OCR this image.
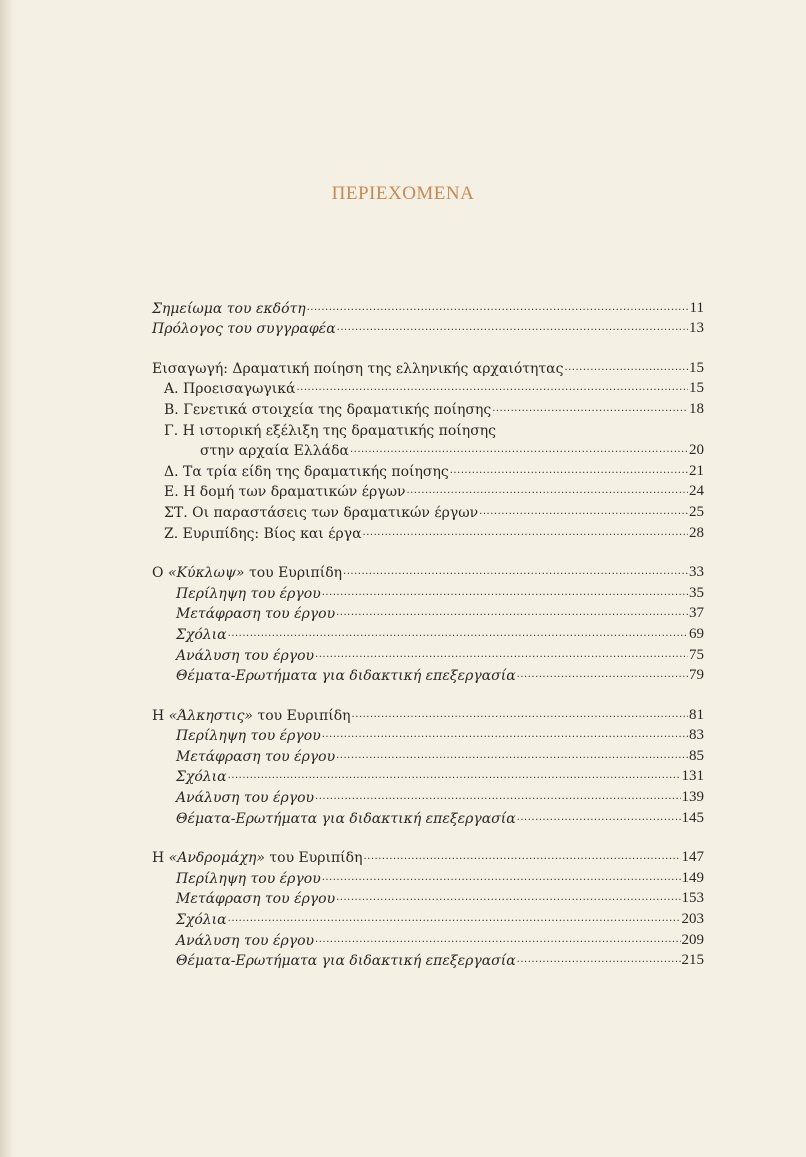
ΠΕΡΙΕΧΟΜΕΝΑ
Σημείωμα του εκδότη .....	11
Πρόλογος του συγγραφέα .....	13
Εισαγωγή: Δραματική ποίηση της ελληνικής αρχαιότητας .....	15
Α. Προεισαγωγικά .....	15
Β. Γενετικά στοιχεία της δραματικής ποίησης .....	18
Γ. Η ιστορική εξέλιξη της δραματικής ποίησης
στην αρχαία Ελλάδα .....	20
Δ. Τα τρία είδη της δραματικής ποίησης .....	21
Ε. Η δομή των δραματικών έργων .....	24
ΣΤ. Οι παραστάσεις των δραματικών έργων .....	25
Ζ. Ευριπίδης: Βίος και έργα .....	28
Ο «Κύκλωψ» του Ευριπίδη .....	33
Περίληψη του έργου .....	35
Μετάφραση του έργου .....	37
Σχόλια .....	69
Ανάλυση του έργου .....	75
Θέματα-Ερωτήματα για διδακτική επεξεργασία .....	79
Η «Άλκηστις» του Ευριπίδη .....	81
Περίληψη του έργου .....	83
Μετάφραση του έργου .....	85
Σχόλια .....	131
Ανάλυση του έργου .....	139
Θέματα-Ερωτήματα για διδακτική επεξεργασία .....	145
Η «Ανδρομάχη» του Ευριπίδη .....	147
Περίληψη του έργου .....	149
Μετάφραση του έργου .....	153
Σχόλια .....	203
Ανάλυση του έργου .....	209
Θέματα-Ερωτήματα για διδακτική επεξεργασία .....	215
